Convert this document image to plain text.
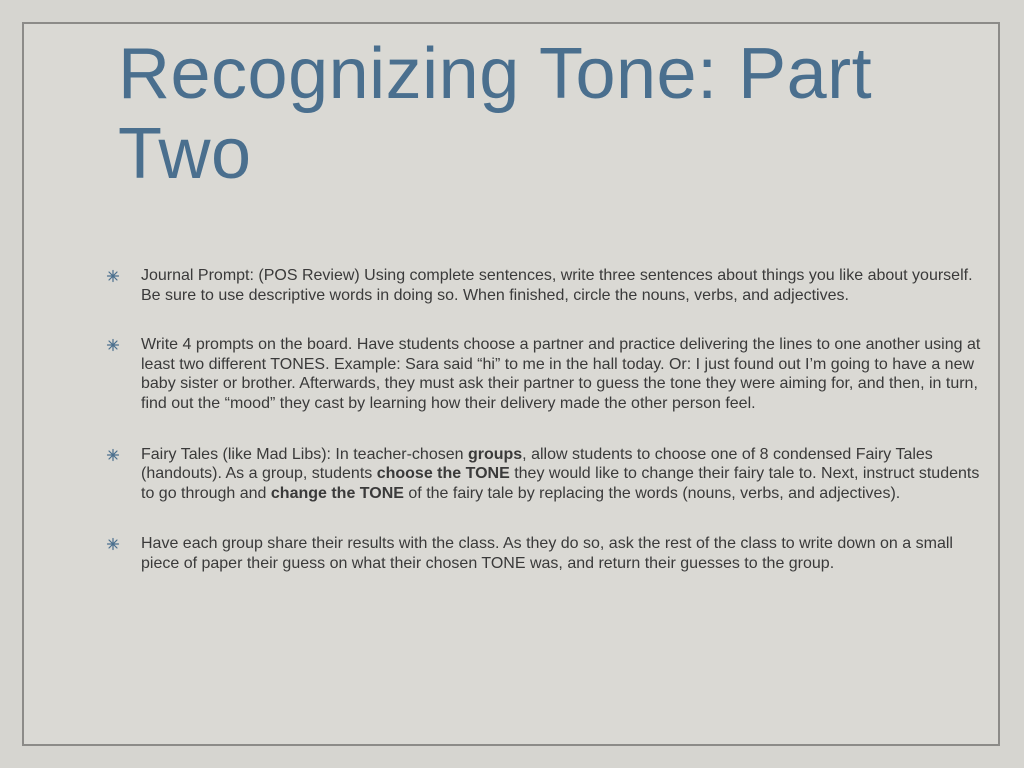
Recognizing Tone: Part Two
Journal Prompt: (POS Review) Using complete sentences, write three sentences about things you like about yourself. Be sure to use descriptive words in doing so. When finished, circle the nouns, verbs, and adjectives.
Write 4 prompts on the board. Have students choose a partner and practice delivering the lines to one another using at least two different TONES. Example: Sara said “hi” to me in the hall today. Or: I just found out I’m going to have a new baby sister or brother. Afterwards, they must ask their partner to guess the tone they were aiming for, and then, in turn, find out the “mood” they cast by learning how their delivery made the other person feel.
Fairy Tales (like Mad Libs): In teacher-chosen groups, allow students to choose one of 8 condensed Fairy Tales (handouts). As a group, students choose the TONE they would like to change their fairy tale to. Next, instruct students to go through and change the TONE of the fairy tale by replacing the words (nouns, verbs, and adjectives).
Have each group share their results with the class. As they do so, ask the rest of the class to write down on a small piece of paper their guess on what their chosen TONE was, and return their guesses to the group.
